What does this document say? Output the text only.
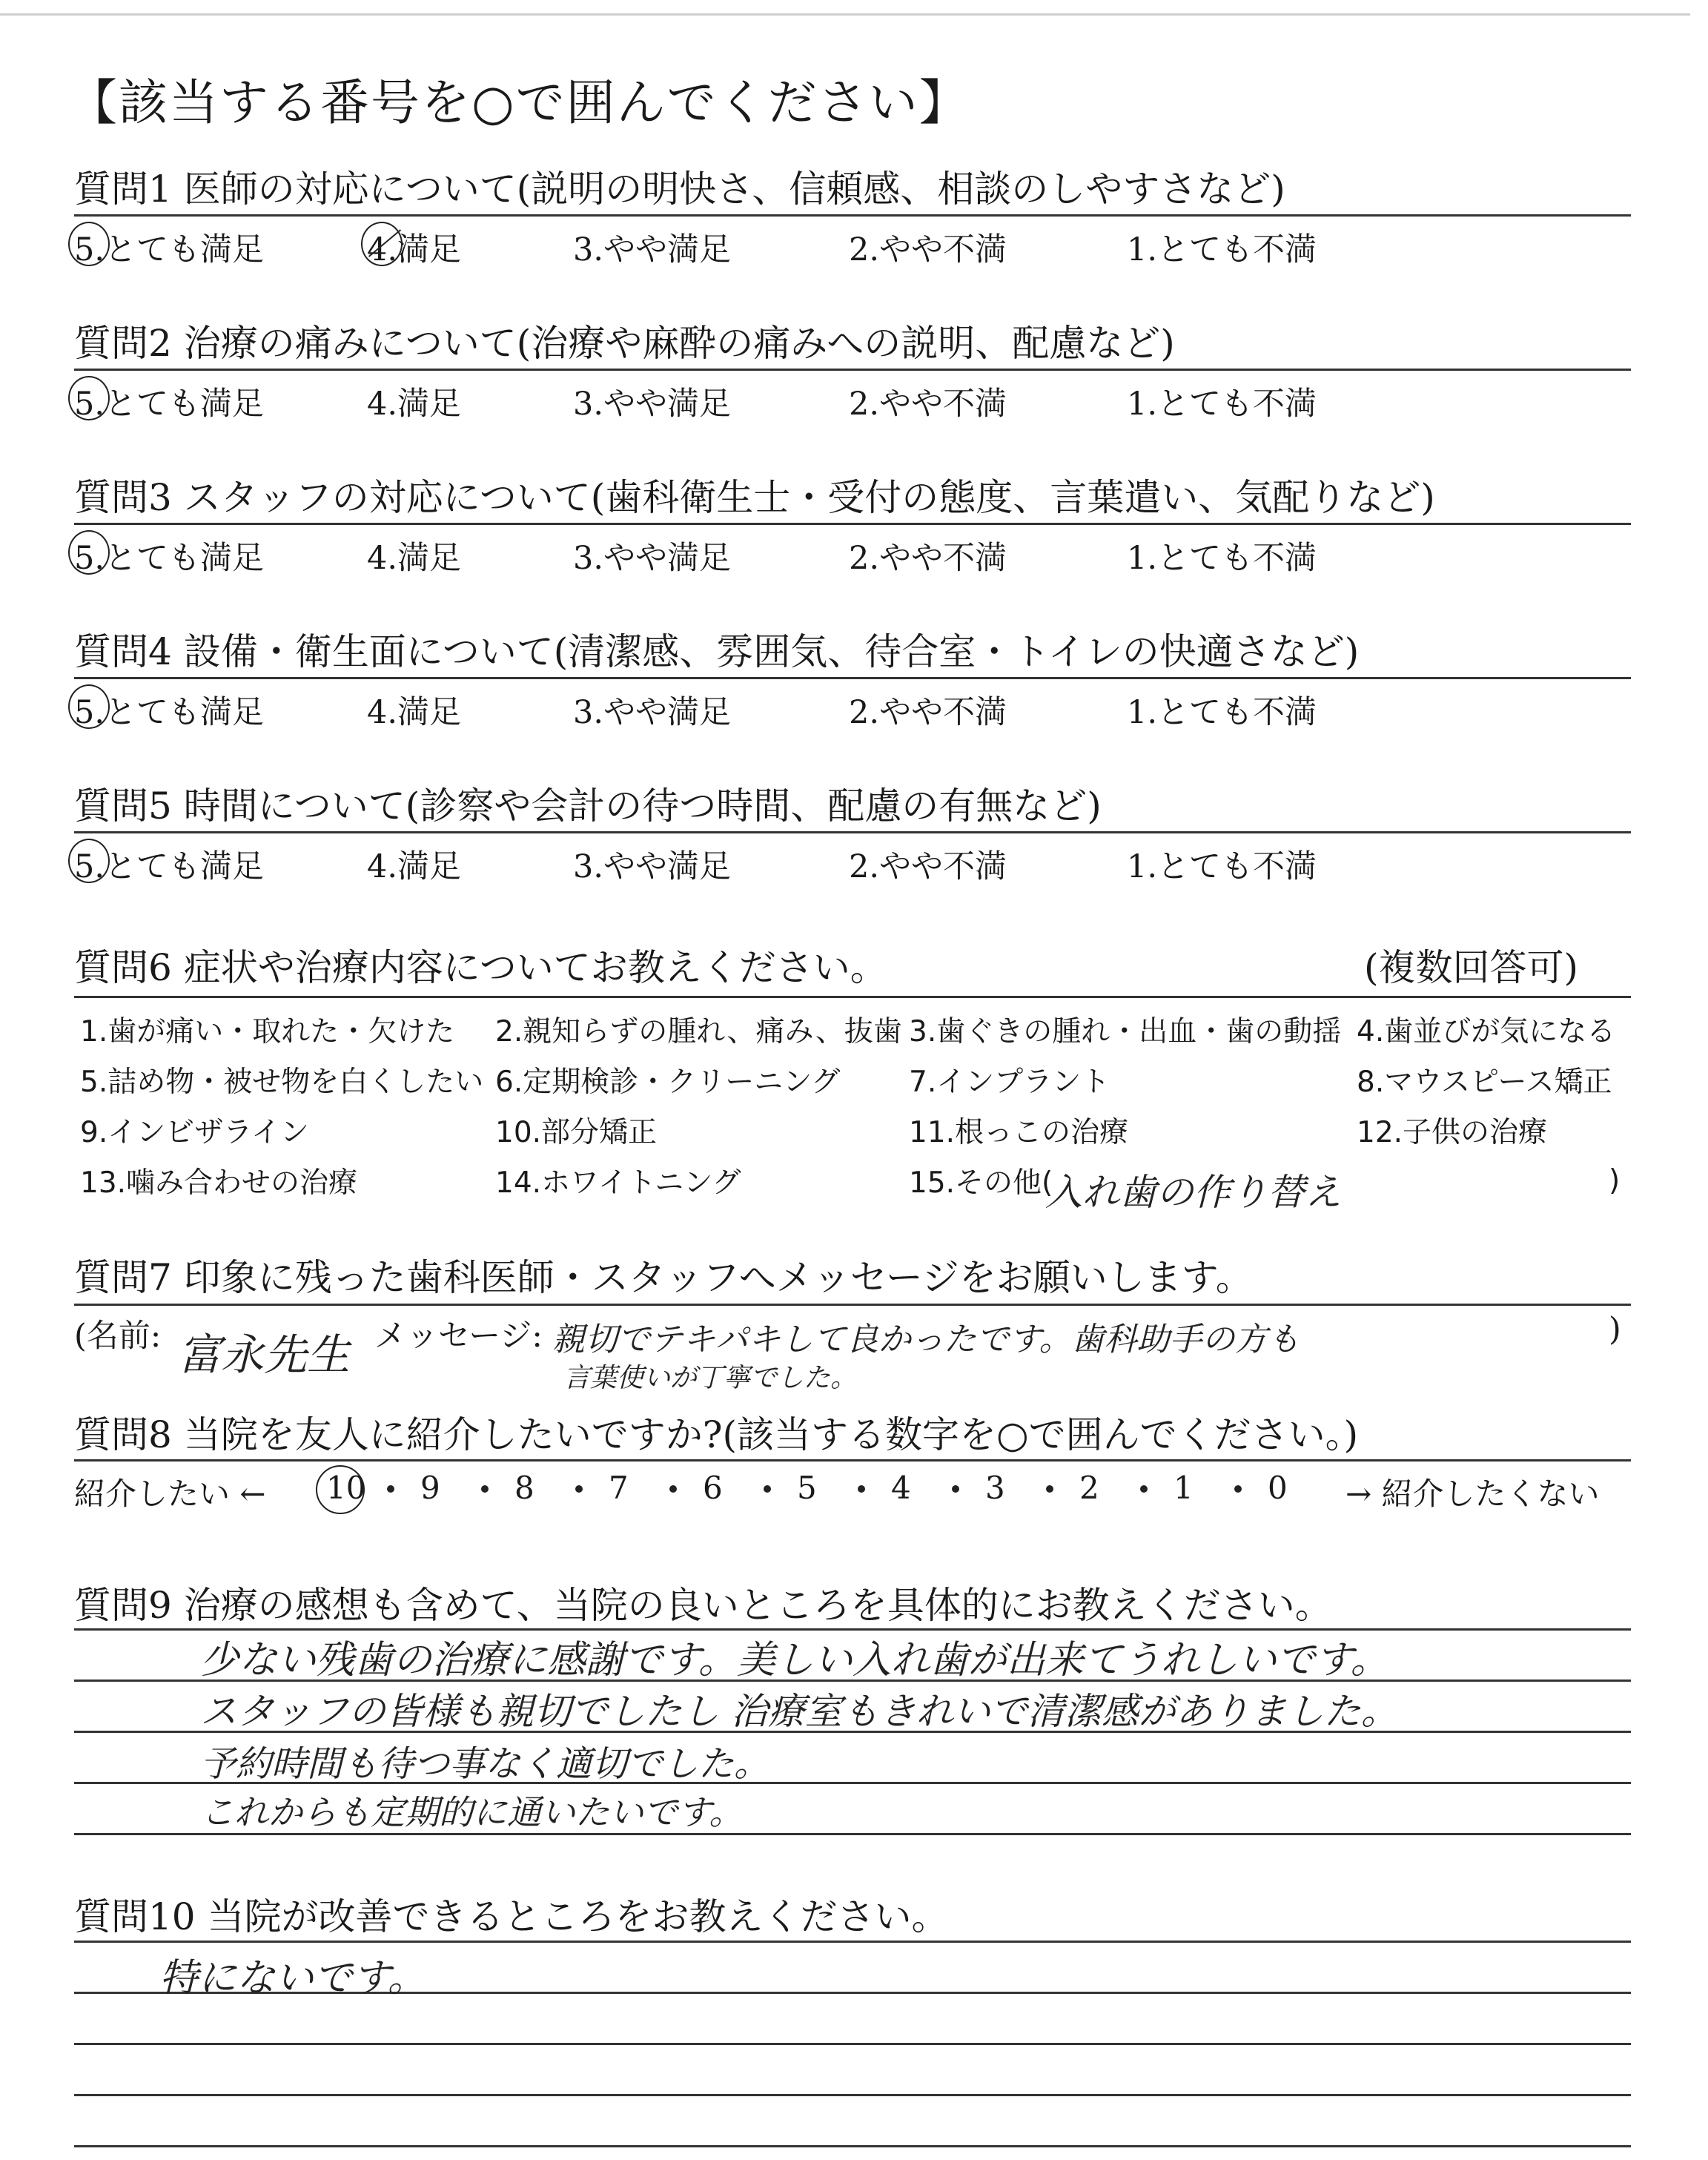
【該当する番号を○で囲んでください】
質問1 医師の対応について(説明の明快さ、信頼感、相談のしやすさなど)
5.とても満足	4.満足	3.やや満足	2.やや不満	1.とても不満
質問2 治療の痛みについて(治療や麻酔の痛みへの説明、配慮など)
5.とても満足	4.満足	3.やや満足	2.やや不満	1.とても不満
質問3 スタッフの対応について(歯科衛生士・受付の態度、言葉遣い、気配りなど)
5.とても満足	4.満足	3.やや満足	2.やや不満	1.とても不満
質問4 設備・衛生面について(清潔感、雰囲気、待合室・トイレの快適さなど)
5.とても満足	4.満足	3.やや満足	2.やや不満	1.とても不満
質問5 時間について(診察や会計の待つ時間、配慮の有無など)
5.とても満足	4.満足	3.やや満足	2.やや不満	1.とても不満
質問6 症状や治療内容についてお教えください。	(複数回答可)
1.歯が痛い・取れた・欠けた 2.親知らずの腫れ、痛み、抜歯 3.歯ぐきの腫れ・出血・歯の動揺 4.歯並びが気になる
5.詰め物・被せ物を白くしたい 6.定期検診・クリーニング 7.インプラント	8.マウスピース矯正
9.インビザライン	10.部分矯正	11.根っこの治療	12.子供の治療
13.噛み合わせの治療	14.ホワイトニング	15.その他(
入れ歯の作り替え	)
質問7 印象に残った歯科医師・スタッフへメッセージをお願いします。
(名前: 富永先生 メッセージ: 親切でテキパキして良かったです。歯科助手の方も
言葉使いが丁寧でした。
)
質問8 当院を友人に紹介したいですか?(該当する数字を○で囲んでください。)
紹介したい ← 10 9 8 7 6 5 4 3 2 1 0 → 紹介したくない
質問9 治療の感想も含めて、当院の良いところを具体的にお教えください。
少ない残歯の治療に感謝です。美しい入れ歯が出来てうれしいです。
スタッフの皆様も親切でしたし 治療室もきれいで清潔感がありました。
予約時間も待つ事なく適切でした。
これからも定期的に通いたいです。
質問10 当院が改善できるところをお教えください。
特にないです。
